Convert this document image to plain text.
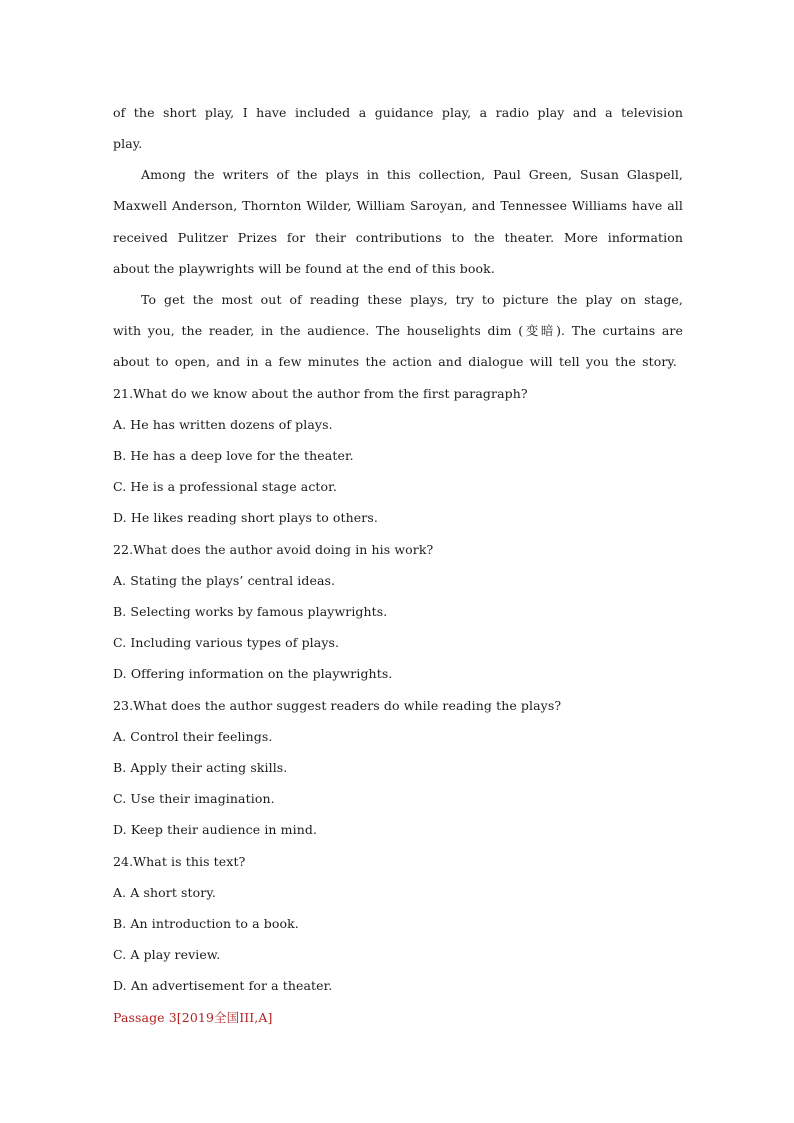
of the short play, I have included a guidance play, a radio play and a television
play.
Among the writers of the plays in this collection, Paul Green, Susan Glaspell,
Maxwell Anderson, Thornton Wilder, William Saroyan, and Tennessee Williams have all
received Pulitzer Prizes for their contributions to the theater. More information
about the playwrights will be found at the end of this book.
To get the most out of reading these plays, try to picture the play on stage,
with you, the reader, in the audience. The houselights dim (变暗). The curtains are
about to open, and in a few minutes the action and dialogue will tell you the story.
21.What do we know about the author from the first paragraph?
A. He has written dozens of plays.
B. He has a deep love for the theater.
C. He is a professional stage actor.
D. He likes reading short plays to others.
22.What does the author avoid doing in his work?
A. Stating the plays’ central ideas.
B. Selecting works by famous playwrights.
C. Including various types of plays.
D. Offering information on the playwrights.
23.What does the author suggest readers do while reading the plays?
A. Control their feelings.
B. Apply their acting skills.
C. Use their imagination.
D. Keep their audience in mind.
24.What is this text?
A. A short story.
B. An introduction to a book.
C. A play review.
D. An advertisement for a theater.
Passage 3[2019全国III,A]
